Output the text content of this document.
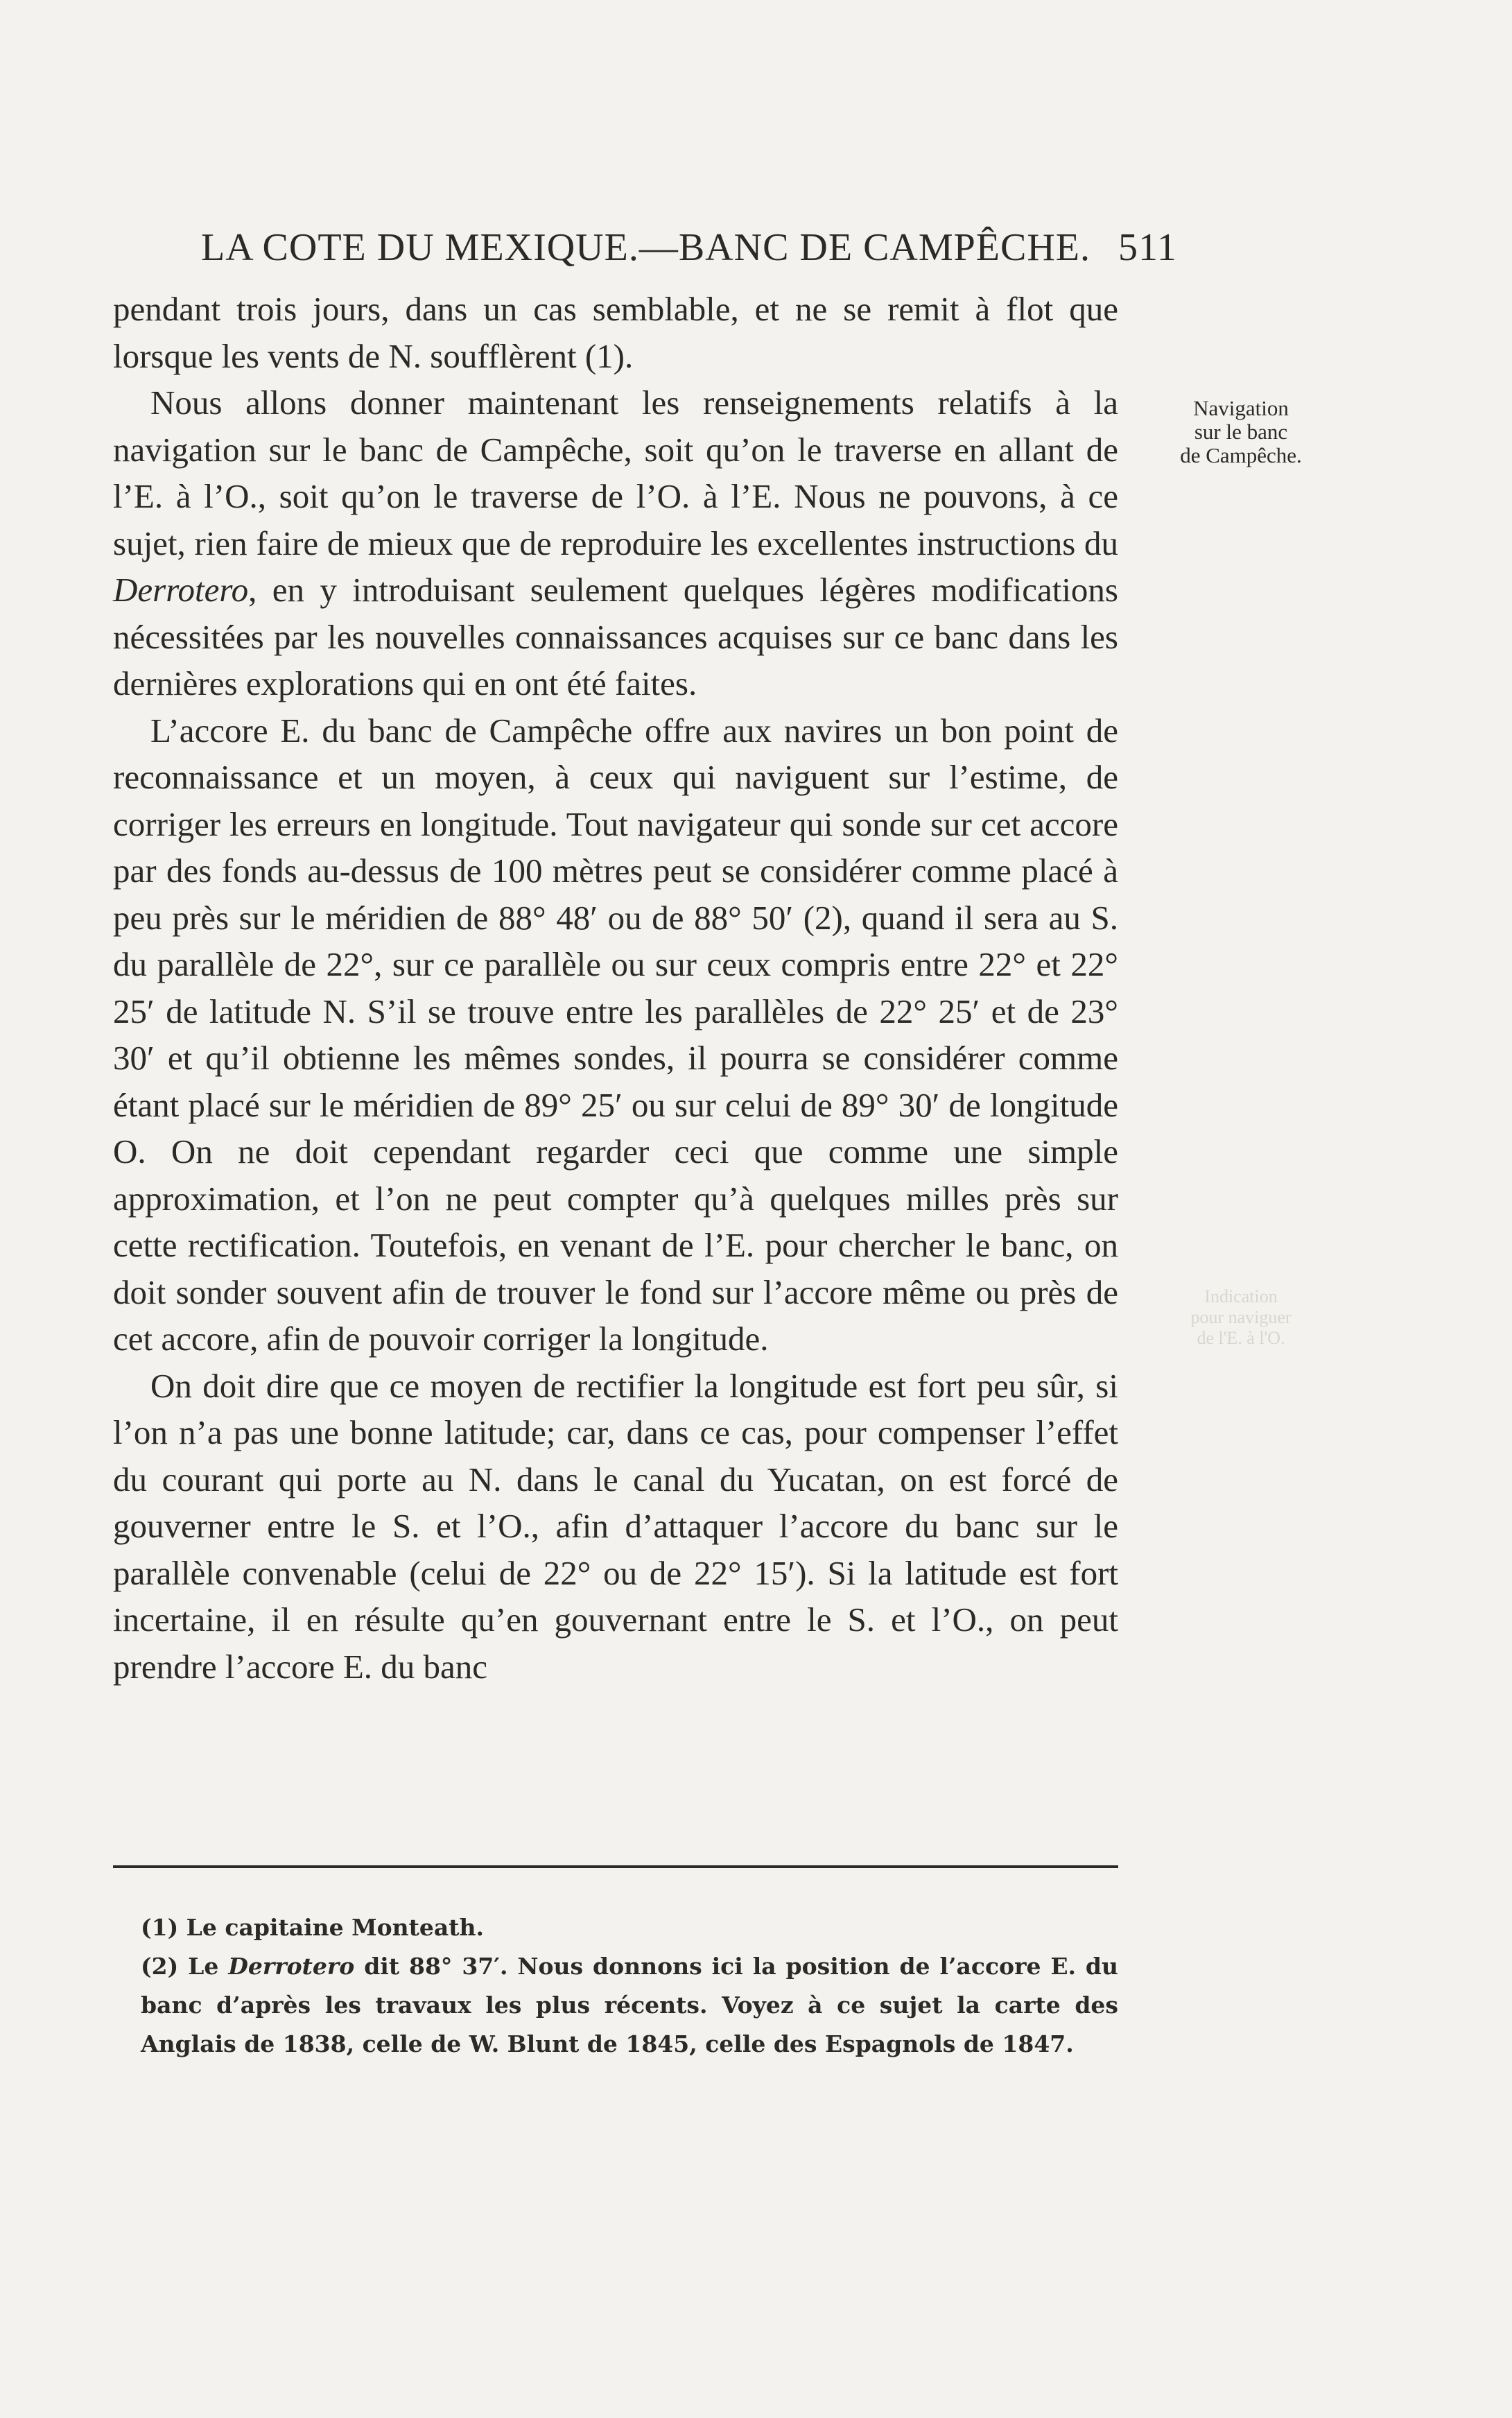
LA COTE DU MEXIQUE.—BANC DE CAMPÊCHE. 511
Navigation
sur le banc
de Campêche.
Indication
pour naviguer
de l'E. à l'O.

pendant trois jours, dans un cas semblable, et ne se remit à flot que lorsque les vents de N. soufflèrent (1).

Nous allons donner maintenant les renseignements relatifs à la navigation sur le banc de Campêche, soit qu’on le traverse en allant de l’E. à l’O., soit qu’on le traverse de l’O. à l’E. Nous ne pouvons, à ce sujet, rien faire de mieux que de reproduire les excellentes instructions du Derrotero, en y introduisant seulement quelques légères modifications nécessitées par les nouvelles connaissances acquises sur ce banc dans les dernières explorations qui en ont été faites.

L’accore E. du banc de Campêche offre aux navires un bon point de reconnaissance et un moyen, à ceux qui naviguent sur l’estime, de corriger les erreurs en longitude. Tout navigateur qui sonde sur cet accore par des fonds au-dessus de 100 mètres peut se considérer comme placé à peu près sur le méridien de 88° 48′ ou de 88° 50′ (2), quand il sera au S. du parallèle de 22°, sur ce parallèle ou sur ceux compris entre 22° et 22° 25′ de latitude N. S’il se trouve entre les parallèles de 22° 25′ et de 23° 30′ et qu’il obtienne les mêmes sondes, il pourra se considérer comme étant placé sur le méridien de 89° 25′ ou sur celui de 89° 30′ de longitude O. On ne doit cependant regarder ceci que comme une simple approximation, et l’on ne peut compter qu’à quelques milles près sur cette rectification. Toutefois, en venant de l’E. pour chercher le banc, on doit sonder souvent afin de trouver le fond sur l’accore même ou près de cet accore, afin de pouvoir corriger la longitude.

On doit dire que ce moyen de rectifier la longitude est fort peu sûr, si l’on n’a pas une bonne latitude; car, dans ce cas, pour compenser l’effet du courant qui porte au N. dans le canal du Yucatan, on est forcé de gouverner entre le S. et l’O., afin d’attaquer l’accore du banc sur le parallèle convenable (celui de 22° ou de 22° 15′). Si la latitude est fort incertaine, il en résulte qu’en gouvernant entre le S. et l’O., on peut prendre l’accore E. du banc

(1) Le capitaine Monteath.

(2) Le Derrotero dit 88° 37′. Nous donnons ici la position de l’accore E. du banc d’après les travaux les plus récents. Voyez à ce sujet la carte des Anglais de 1838, celle de W. Blunt de 1845, celle des Espagnols de 1847.
